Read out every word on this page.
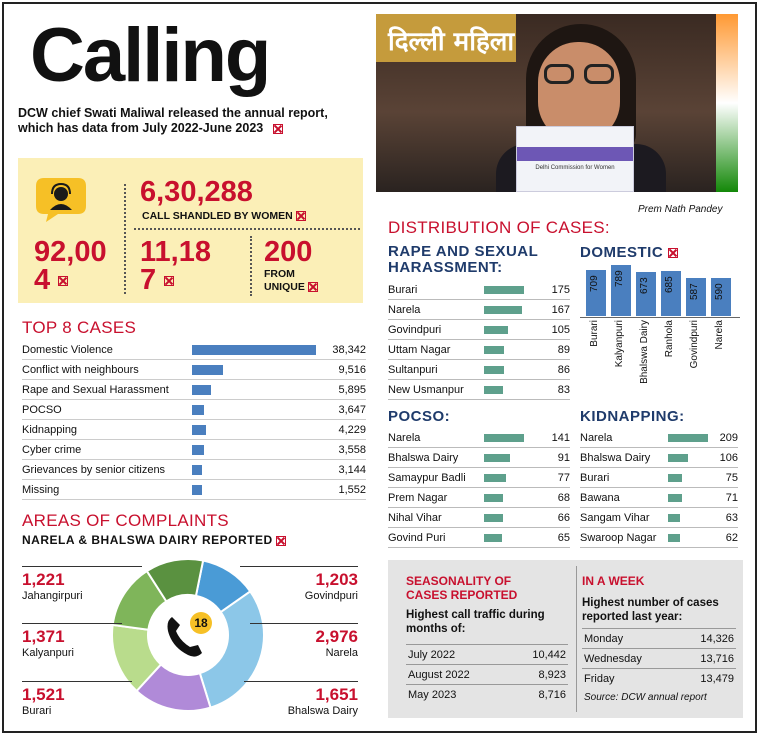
Calling
DCW chief Swati Maliwal released the annual report, which has data from July 2022-June 2023
6,30,288
CALL SHANDLED BY WOMEN
92,00
4
11,18
7
200
FROM
UNIQUE
TOP 8 CASES
Domestic Violence	38,342
Conflict with neighbours	9,516
Rape and Sexual Harassment	5,895
POCSO	3,647
Kidnapping	4,229
Cyber crime	3,558
Grievances by senior citizens	3,144
Missing	1,552
AREAS OF COMPLAINTS
NARELA & BHALSWA DAIRY REPORTED
18
1,221
Jahangirpuri
1,371
Kalyanpuri
1,521
Burari
1,203
Govindpuri
2,976
Narela
1,651
Bhalswa Dairy
दिल्ली महिला
Delhi Commission for Women
Prem Nath Pandey
DISTRIBUTION OF CASES:
RAPE AND SEXUAL
HARASSMENT:
Burari	175
Narela	167
Govindpuri	105
Uttam Nagar	89
Sultanpuri	86
New Usmanpur	83
DOMESTIC
709
Burari
789
Kalyanpuri
673
Bhalswa Dairy
685
Ranhola
587
Govindpuri
590
Narela
POCSO:
Narela	141
Bhalswa Dairy	91
Samaypur Badli	77
Prem Nagar	68
Nihal Vihar	66
Govind Puri	65
KIDNAPPING:
Narela	209
Bhalswa Dairy	106
Burari	75
Bawana	71
Sangam Vihar	63
Swaroop Nagar	62
SEASONALITY OF
CASES REPORTED
Highest call traffic during
months of:
July 2022	10,442
August 2022	8,923
May 2023	8,716
IN A WEEK
Highest number of cases
reported last year:
Monday	14,326
Wednesday	13,716
Friday	13,479
Source: DCW annual report
